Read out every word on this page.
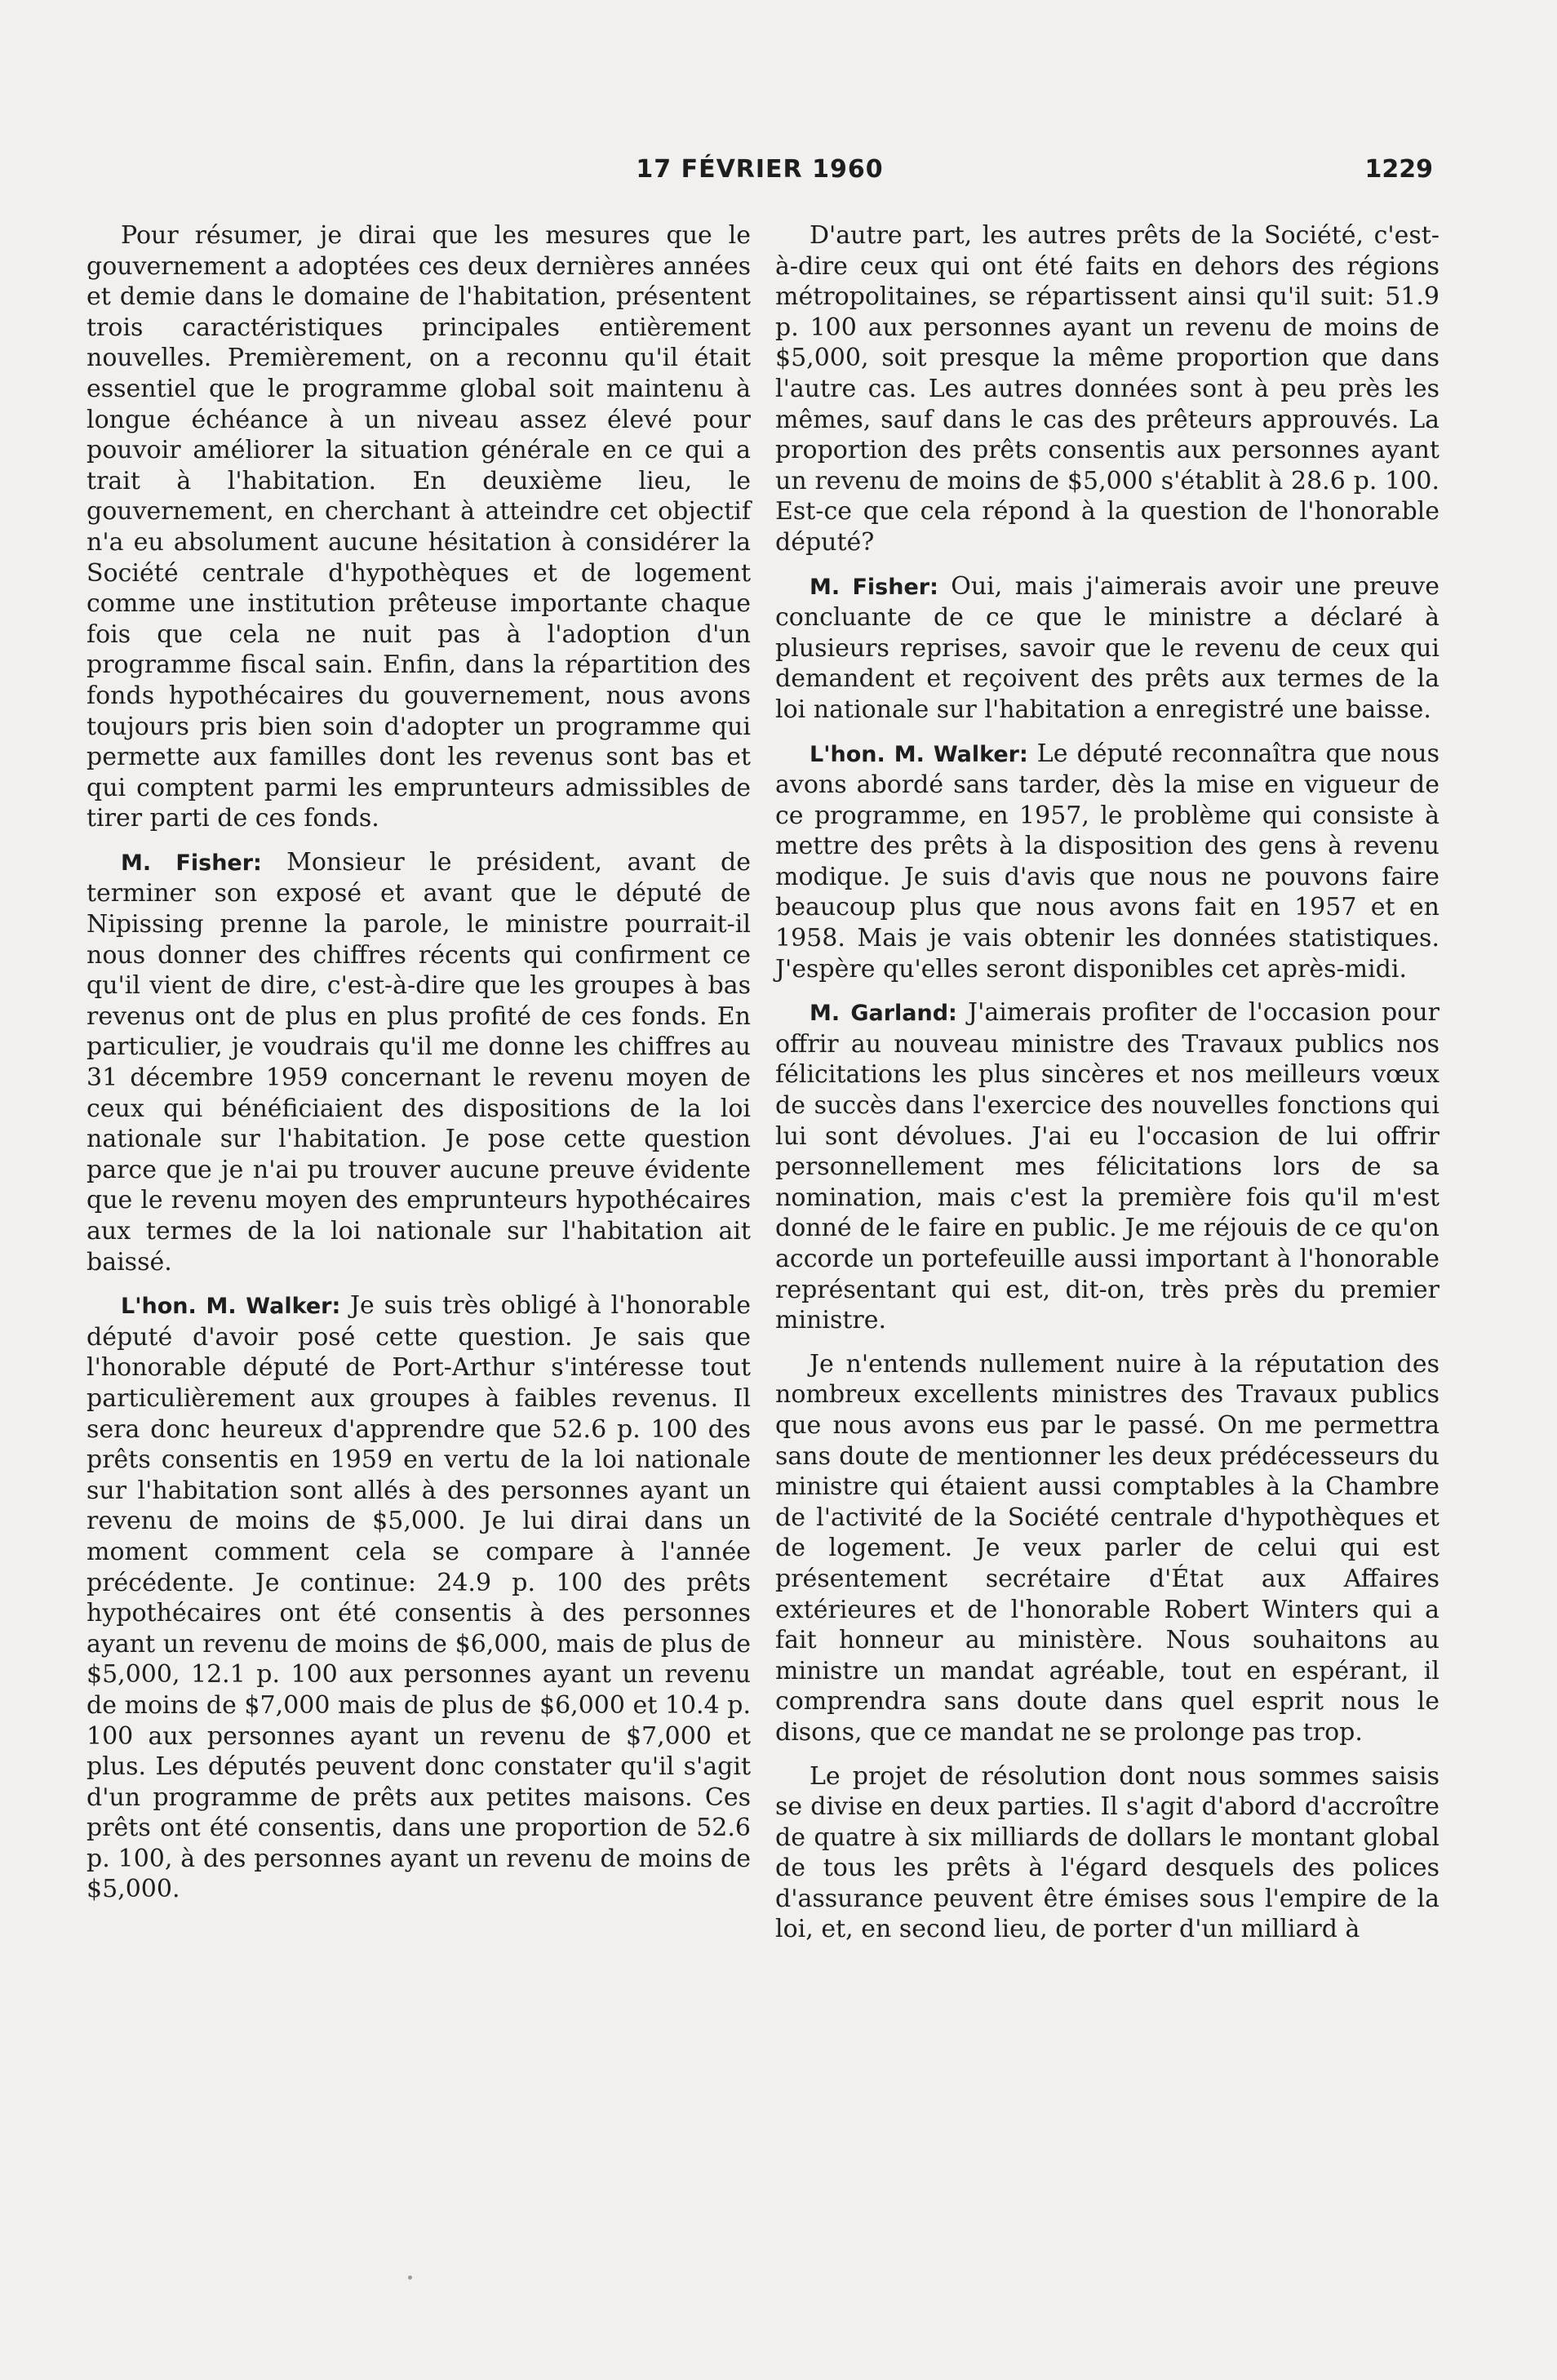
17 FÉVRIER 1960	1229

Pour résumer, je dirai que les mesures que le gouvernement a adoptées ces deux dernières années et demie dans le domaine de l'habitation, présentent trois caractéristiques principales entièrement nouvelles. Premièrement, on a reconnu qu'il était essentiel que le programme global soit maintenu à longue échéance à un niveau assez élevé pour pouvoir améliorer la situation générale en ce qui a trait à l'habitation. En deuxième lieu, le gouvernement, en cherchant à atteindre cet objectif n'a eu absolument aucune hésitation à considérer la Société centrale d'hypothèques et de logement comme une institution prêteuse importante chaque fois que cela ne nuit pas à l'adoption d'un programme fiscal sain. Enfin, dans la répartition des fonds hypothécaires du gouvernement, nous avons toujours pris bien soin d'adopter un programme qui permette aux familles dont les revenus sont bas et qui comptent parmi les emprunteurs admissibles de tirer parti de ces fonds.

M. Fisher: Monsieur le président, avant de terminer son exposé et avant que le député de Nipissing prenne la parole, le ministre pourrait-il nous donner des chiffres récents qui confirment ce qu'il vient de dire, c'est-à-dire que les groupes à bas revenus ont de plus en plus profité de ces fonds. En particulier, je voudrais qu'il me donne les chiffres au 31 décembre 1959 concernant le revenu moyen de ceux qui bénéficiaient des dispositions de la loi nationale sur l'habitation. Je pose cette question parce que je n'ai pu trouver aucune preuve évidente que le revenu moyen des emprunteurs hypothécaires aux termes de la loi nationale sur l'habitation ait baissé.

L'hon. M. Walker: Je suis très obligé à l'honorable député d'avoir posé cette question. Je sais que l'honorable député de Port-Arthur s'intéresse tout particulièrement aux groupes à faibles revenus. Il sera donc heureux d'apprendre que 52.6 p. 100 des prêts consentis en 1959 en vertu de la loi nationale sur l'habitation sont allés à des personnes ayant un revenu de moins de $5,000. Je lui dirai dans un moment comment cela se compare à l'année précédente. Je continue: 24.9 p. 100 des prêts hypothécaires ont été consentis à des personnes ayant un revenu de moins de $6,000, mais de plus de $5,000, 12.1 p. 100 aux personnes ayant un revenu de moins de $7,000 mais de plus de $6,000 et 10.4 p. 100 aux personnes ayant un revenu de $7,000 et plus. Les députés peuvent donc constater qu'il s'agit d'un programme de prêts aux petites maisons. Ces prêts ont été consentis, dans une proportion de 52.6 p. 100, à des personnes ayant un revenu de moins de $5,000.

D'autre part, les autres prêts de la Société, c'est-à-dire ceux qui ont été faits en dehors des régions métropolitaines, se répartissent ainsi qu'il suit: 51.9 p. 100 aux personnes ayant un revenu de moins de $5,000, soit presque la même proportion que dans l'autre cas. Les autres données sont à peu près les mêmes, sauf dans le cas des prêteurs approuvés. La proportion des prêts consentis aux personnes ayant un revenu de moins de $5,000 s'établit à 28.6 p. 100. Est-ce que cela répond à la question de l'honorable député?

M. Fisher: Oui, mais j'aimerais avoir une preuve concluante de ce que le ministre a déclaré à plusieurs reprises, savoir que le revenu de ceux qui demandent et reçoivent des prêts aux termes de la loi nationale sur l'habitation a enregistré une baisse.

L'hon. M. Walker: Le député reconnaîtra que nous avons abordé sans tarder, dès la mise en vigueur de ce programme, en 1957, le problème qui consiste à mettre des prêts à la disposition des gens à revenu modique. Je suis d'avis que nous ne pouvons faire beaucoup plus que nous avons fait en 1957 et en 1958. Mais je vais obtenir les données statistiques. J'espère qu'elles seront disponibles cet après-midi.

M. Garland: J'aimerais profiter de l'occasion pour offrir au nouveau ministre des Travaux publics nos félicitations les plus sincères et nos meilleurs vœux de succès dans l'exercice des nouvelles fonctions qui lui sont dévolues. J'ai eu l'occasion de lui offrir personnellement mes félicitations lors de sa nomination, mais c'est la première fois qu'il m'est donné de le faire en public. Je me réjouis de ce qu'on accorde un portefeuille aussi important à l'honorable représentant qui est, dit-on, très près du premier ministre.

Je n'entends nullement nuire à la réputation des nombreux excellents ministres des Travaux publics que nous avons eus par le passé. On me permettra sans doute de mentionner les deux prédécesseurs du ministre qui étaient aussi comptables à la Chambre de l'activité de la Société centrale d'hypothèques et de logement. Je veux parler de celui qui est présentement secrétaire d'État aux Affaires extérieures et de l'honorable Robert Winters qui a fait honneur au ministère. Nous souhaitons au ministre un mandat agréable, tout en espérant, il comprendra sans doute dans quel esprit nous le disons, que ce mandat ne se prolonge pas trop.

Le projet de résolution dont nous sommes saisis se divise en deux parties. Il s'agit d'abord d'accroître de quatre à six milliards de dollars le montant global de tous les prêts à l'égard desquels des polices d'assurance peuvent être émises sous l'empire de la loi, et, en second lieu, de porter d'un milliard à
